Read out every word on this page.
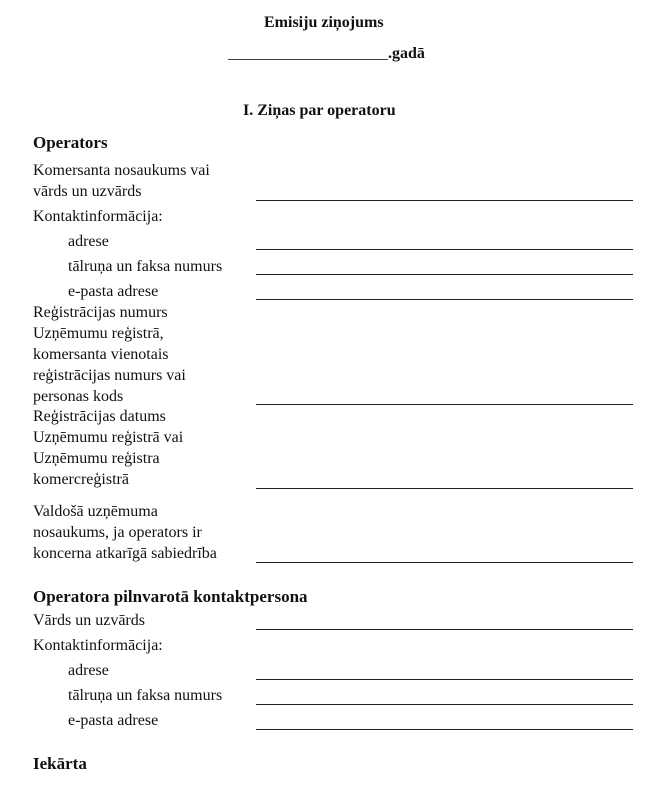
Emisiju ziņojums
____________________.gadā
I. Ziņas par operatoru
Operators
Komersanta nosaukums vai
vārds un uzvārds
Kontaktinformācija:
adrese
tālruņa un faksa numurs
e-pasta adrese
Reģistrācijas numurs
Uzņēmumu reģistrā,
komersanta vienotais
reģistrācijas numurs vai
personas kods
Reģistrācijas datums
Uzņēmumu reģistrā vai
Uzņēmumu reģistra
komercreģistrā
Valdošā uzņēmuma
nosaukums, ja operators ir
koncerna atkarīgā sabiedrība
Operatora pilnvarotā kontaktpersona
Vārds un uzvārds
Kontaktinformācija:
adrese
tālruņa un faksa numurs
e-pasta adrese
Iekārta
